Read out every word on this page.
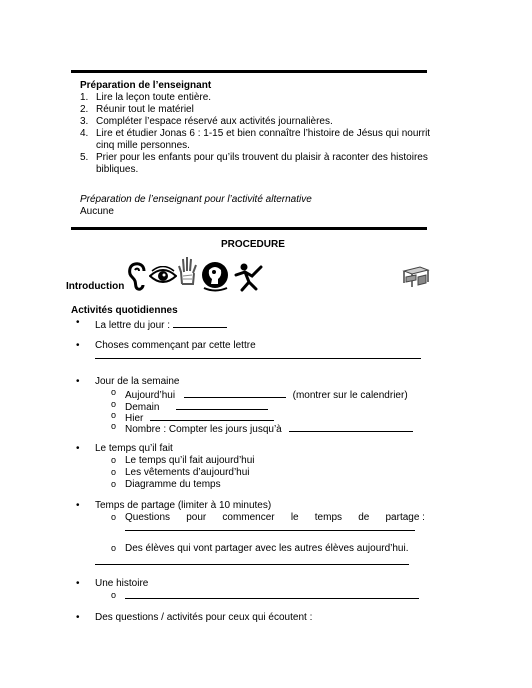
Préparation de l’enseignant
1. Lire la leçon toute entière.
2. Réunir tout le matériel
3. Compléter l’espace réservé aux activités journalières.
4. Lire et étudier Jonas 6 : 1-15 et bien connaître l’histoire de Jésus qui nourrit
cinq mille personnes.
5. Prier pour les enfants pour qu’ils trouvent du plaisir à raconter des histoires
bibliques.
Préparation de l’enseignant pour l’activité alternative
Aucune
PROCEDURE
Introduction
Activités quotidiennes
• La lettre du jour :
• Choses commençant par cette lettre
• Jour de la semaine
o Aujourd’hui	(montrer sur le calendrier)
o Demain
o Hier
o Nombre : Compter les jours jusqu’à
• Le temps qu’il fait
o Le temps qu’il fait aujourd’hui
o Les vêtements d’aujourd’hui
o Diagramme du temps
• Temps de partage (limiter à 10 minutes)
o Questions pour commencer le temps de partage :
o Des élèves qui vont partager avec les autres élèves aujourd’hui.
• Une histoire
o
• Des questions / activités pour ceux qui écoutent :
